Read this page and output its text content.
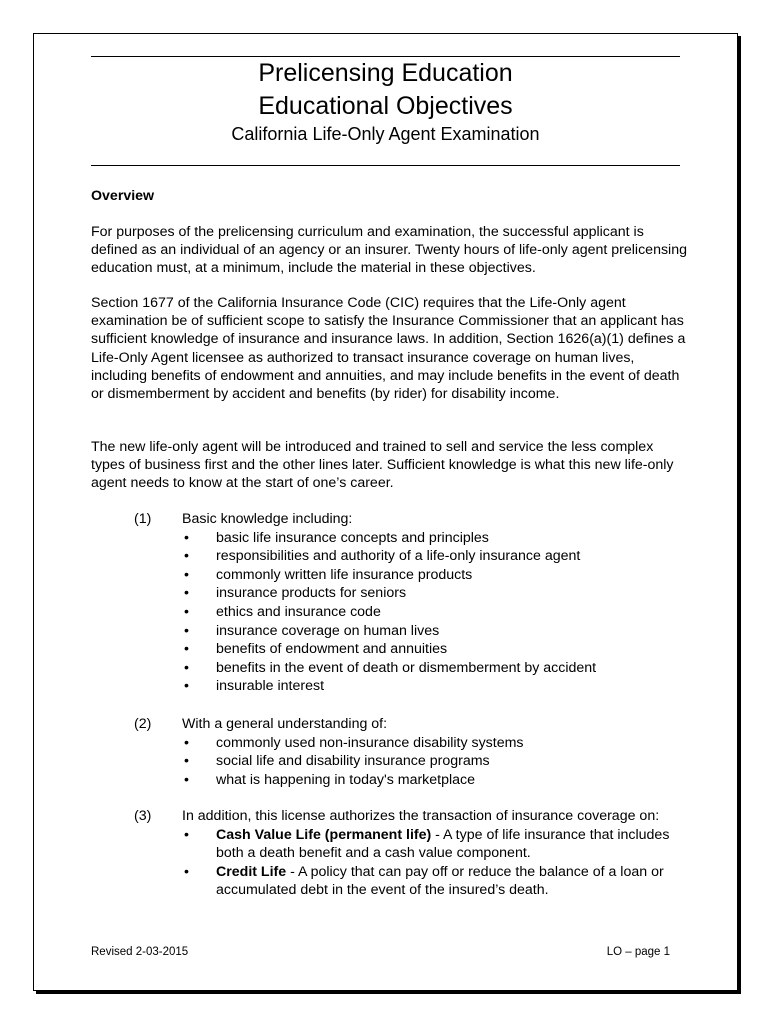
Prelicensing Education
Educational Objectives
California Life-Only Agent Examination
Overview
For purposes of the prelicensing curriculum and examination, the successful applicant is defined as an individual of an agency or an insurer. Twenty hours of life-only agent prelicensing education must, at a minimum, include the material in these objectives.
Section 1677 of the California Insurance Code (CIC) requires that the Life-Only agent examination be of sufficient scope to satisfy the Insurance Commissioner that an applicant has sufficient knowledge of insurance and insurance laws. In addition, Section 1626(a)(1) defines a Life-Only Agent licensee as authorized to transact insurance coverage on human lives, including benefits of endowment and annuities, and may include benefits in the event of death or dismemberment by accident and benefits (by rider) for disability income.
The new life-only agent will be introduced and trained to sell and service the less complex types of business first and the other lines later. Sufficient knowledge is what this new life-only agent needs to know at the start of one’s career.
(1) Basic knowledge including:
• basic life insurance concepts and principles
• responsibilities and authority of a life-only insurance agent
• commonly written life insurance products
• insurance products for seniors
• ethics and insurance code
• insurance coverage on human lives
• benefits of endowment and annuities
• benefits in the event of death or dismemberment by accident
• insurable interest
(2) With a general understanding of:
• commonly used non-insurance disability systems
• social life and disability insurance programs
• what is happening in today's marketplace
(3) In addition, this license authorizes the transaction of insurance coverage on:
• Cash Value Life (permanent life) - A type of life insurance that includes both a death benefit and a cash value component.
• Credit Life - A policy that can pay off or reduce the balance of a loan or accumulated debt in the event of the insured’s death.
Revised 2-03-2015	LO – page 1
